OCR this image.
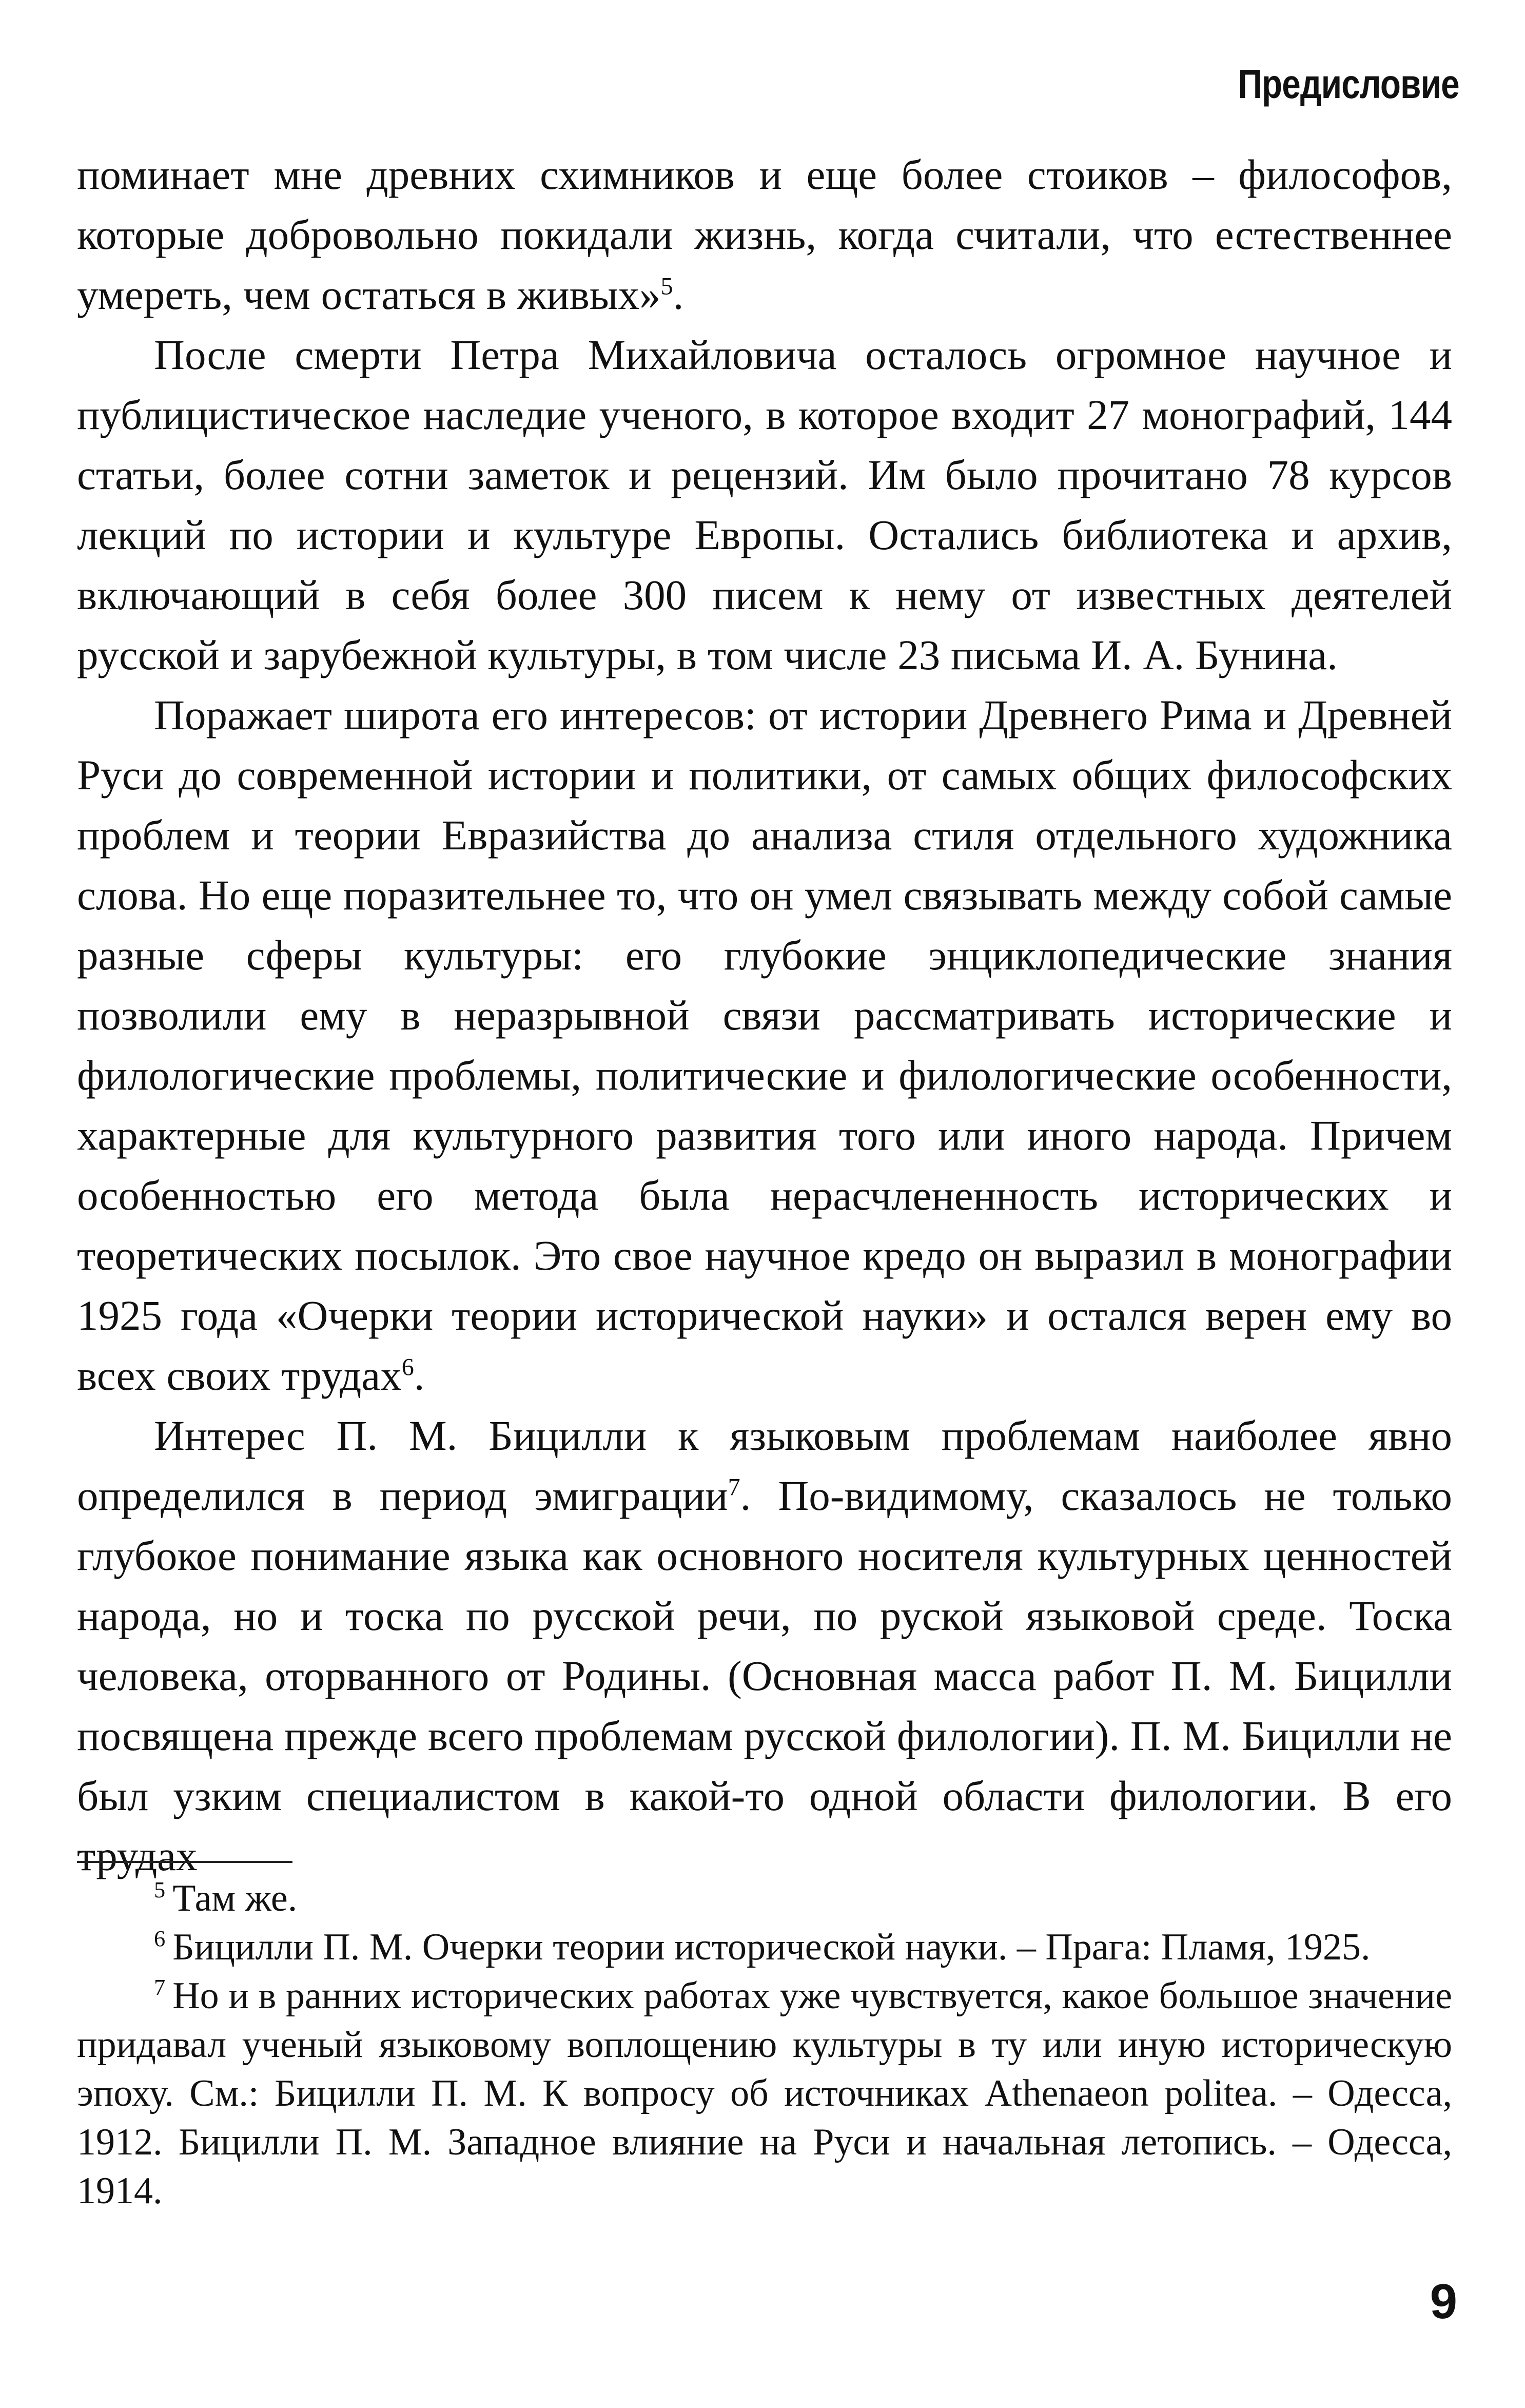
Предисловие

поминает мне древних схимников и еще более стоиков – философов, которые добровольно покидали жизнь, когда считали, что естественнее умереть, чем остаться в живых»$^5$.

После смерти Петра Михайловича осталось огромное научное и публицистическое наследие ученого, в которое входит 27 монографий, 144 статьи, более сотни заметок и рецензий. Им было прочитано 78 курсов лекций по истории и культуре Европы. Остались библиотека и архив, включающий в себя более 300 писем к нему от известных деятелей русской и зарубежной культуры, в том числе 23 письма И. А. Бунина.

Поражает широта его интересов: от истории Древнего Рима и Древней Руси до современной истории и политики, от самых общих философских проблем и теории Евразийства до анализа стиля отдельного художника слова. Но еще поразительнее то, что он умел связывать между собой самые разные сферы культуры: его глубокие энциклопедические знания позволили ему в неразрывной связи рассматривать исторические и филологические проблемы, политические и филологические особенности, характерные для культурного развития того или иного народа. Причем особенностью его метода была нерасчлененность исторических и теоретических посылок. Это свое научное кредо он выразил в монографии 1925 года «Очерки теории исторической науки» и остался верен ему во всех своих трудах$^6$.

Интерес П. М. Бицилли к языковым проблемам наиболее явно определился в период эмиграции$^7$. По-видимому, сказалось не только глубокое понимание языка как основного носителя культурных ценностей народа, но и тоска по русской речи, по руской языковой среде. Тоска человека, оторванного от Родины. (Основная масса работ П. М. Бицилли посвящена прежде всего проблемам русской филологии). П. М. Бицилли не был узким специалистом в какой-то одной области филологии. В его трудах

$^5$ Там же.

$^6$ Бицилли П. М. Очерки теории исторической науки. – Прага: Пламя, 1925.

$^7$ Но и в ранних исторических работах уже чувствуется, какое большое значение придавал ученый языковому воплощению культуры в ту или иную историческую эпоху. См.: Бицилли П. М. К вопросу об источниках Athenaeon politea. – Одесса, 1912. Бицилли П. М. Западное влияние на Руси и начальная летопись. – Одесса, 1914.

9
